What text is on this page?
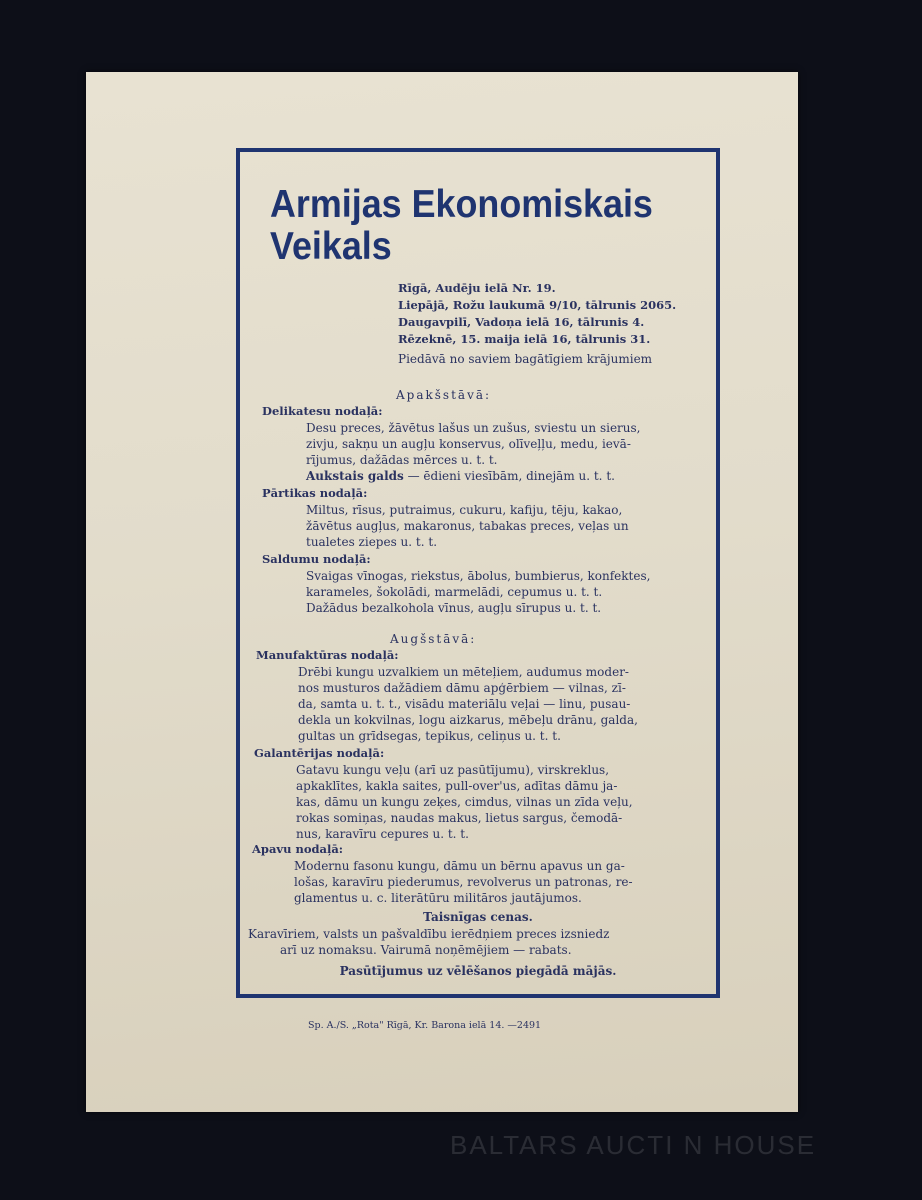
Armijas Ekonomiskais
Veikals
Rīgā, Audēju ielā Nr. 19.
Liepājā, Rožu laukumā 9/10, tālrunis 2065.
Daugavpilī, Vadoņa ielā 16, tālrunis 4.
Rēzeknē, 15. maija ielā 16, tālrunis 31.
Piedāvā no saviem bagātīgiem krājumiem
Apakšstāvā:
Delikatesu nodaļā:
Desu preces, žāvētus lašus un zušus, sviestu un sierus,
zivju, sakņu un augļu konservus, olīveļļu, medu, ievā-
rījumus, dažādas mērces u. t. t.
Aukstais galds — ēdieni viesībām, dinejām u. t. t.
Pārtikas nodaļā:
Miltus, rīsus, putraimus, cukuru, kafiju, tēju, kakao,
žāvētus augļus, makaronus, tabakas preces, veļas un
tualetes ziepes u. t. t.
Saldumu nodaļā:
Svaigas vīnogas, riekstus, ābolus, bumbierus, konfektes,
karameles, šokolādi, marmelādi, cepumus u. t. t.
Dažādus bezalkohola vīnus, augļu sīrupus u. t. t.
Augšstāvā:
Manufaktūras nodaļā:
Drēbi kungu uzvalkiem un mēteļiem, audumus moder-
nos musturos dažādiem dāmu apģērbiem — vilnas, zī-
da, samta u. t. t., visādu materiālu veļai — linu, pusau-
dekla un kokvilnas, logu aizkarus, mēbeļu drānu, galda,
gultas un grīdsegas, tepikus, celiņus u. t. t.
Galantērijas nodaļā:
Gatavu kungu veļu (arī uz pasūtījumu), virskreklus,
apkaklītes, kakla saites, pull-over'us, adītas dāmu ja-
kas, dāmu un kungu zeķes, cimdus, vilnas un zīda veļu,
rokas somiņas, naudas makus, lietus sargus, čemodā-
nus, karavīru cepures u. t. t.
Apavu nodaļā:
Modernu fasonu kungu, dāmu un bērnu apavus un ga-
lošas, karavīru piederumus, revolverus un patronas, re-
glamentus u. c. literātūru militāros jautājumos.
Taisnīgas cenas.
Karavīriem, valsts un pašvaldību ierēdņiem preces izsniedz
arī uz nomaksu. Vairumā noņēmējiem — rabats.
Pasūtījumus uz vēlēšanos piegādā mājās.
Sp. A./S. „Rota" Rīgā, Kr. Barona ielā 14. —2491
BALTARS AUCTI N HOUSE
